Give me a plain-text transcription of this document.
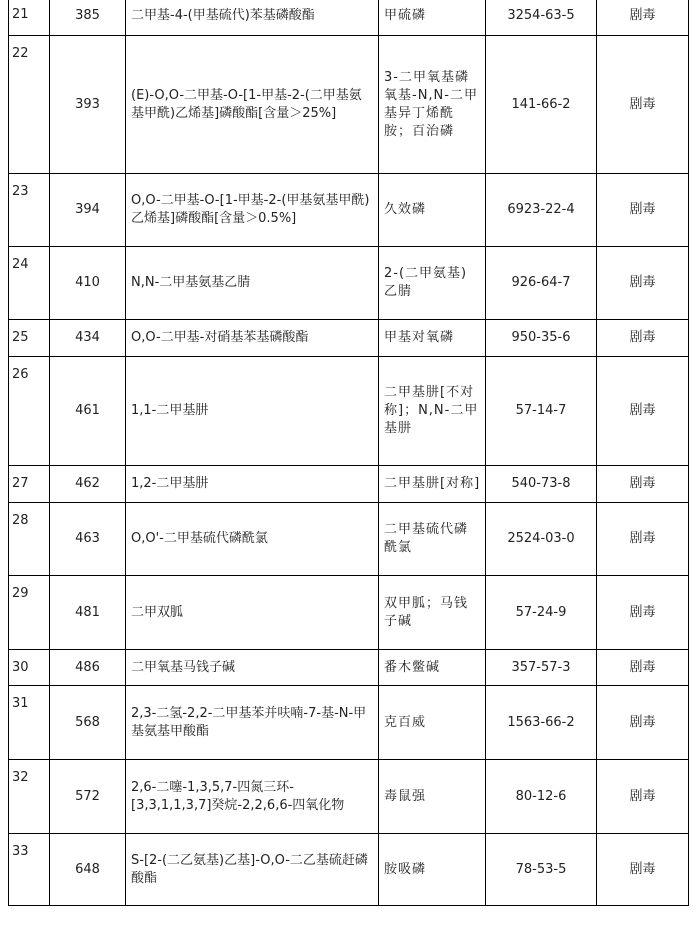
21	385	二甲基-4-(甲基硫代)苯基磷酸酯	甲硫磷	3254-63-5	剧毒
22	393	(E)-O,O-二甲基-O-[1-甲基-2-(二甲基氨基甲酰)乙烯基]磷酸酯[含量＞25%]	3-二甲氧基磷氧基-N,N-二甲基异丁烯酰胺；百治磷	141-66-2	剧毒
23	394	O,O-二甲基-O-[1-甲基-2-(甲基氨基甲酰)乙烯基]磷酸酯[含量＞0.5%]	久效磷	6923-22-4	剧毒
24	410	N,N-二甲基氨基乙腈	2-(二甲氨基)乙腈	926-64-7	剧毒
25	434	O,O-二甲基-对硝基苯基磷酸酯	甲基对氧磷	950-35-6	剧毒
26	461	1,1-二甲基肼	二甲基肼[不对称]；N,N-二甲基肼	57-14-7	剧毒
27	462	1,2-二甲基肼	二甲基肼[对称]	540-73-8	剧毒
28	463	O,O'-二甲基硫代磷酰氯	二甲基硫代磷酰氯	2524-03-0	剧毒
29	481	二甲双胍	双甲胍；马钱子碱	57-24-9	剧毒
30	486	二甲氧基马钱子碱	番木鳖碱	357-57-3	剧毒
31	568	2,3-二氢-2,2-二甲基苯并呋喃-7-基-N-甲基氨基甲酸酯	克百威	1563-66-2	剧毒
32	572	2,6-二噻-1,3,5,7-四氮三环-[3,3,1,1,3,7]癸烷-2,2,6,6-四氧化物	毒鼠强	80-12-6	剧毒
33	648	S-[2-(二乙氨基)乙基]-O,O-二乙基硫赶磷酸酯	胺吸磷	78-53-5	剧毒
